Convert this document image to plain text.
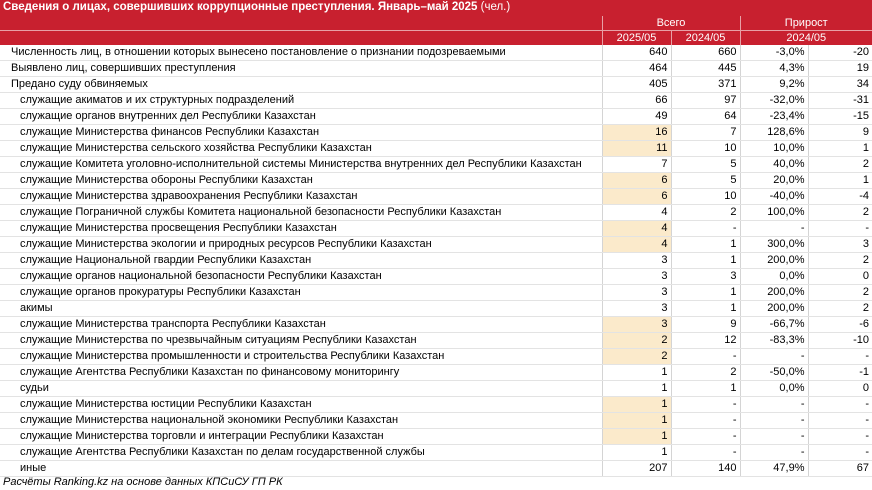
Сведения о лицах, совершивших коррупционные преступления. Январь–май 2025 (чел.)
	Всего		Прирост	
	2025/05	2024/05	2024/05	
Численность лиц, в отношении которых вынесено постановление о признании подозреваемыми	640	660	-3,0%	-20
Выявлено лиц, совершивших преступления	464	445	4,3%	19
Предано суду обвиняемых	405	371	9,2%	34
служащие акиматов и их структурных подразделений	66	97	-32,0%	-31
служащие органов внутренних дел Республики Казахстан	49	64	-23,4%	-15
служащие Министерства финансов Республики Казахстан	16	7	128,6%	9
служащие Министерства сельского хозяйства Республики Казахстан	11	10	10,0%	1
служащие Комитета уголовно-исполнительной системы Министерства внутренних дел Республики Казахстан	7	5	40,0%	2
служащие Министерства обороны Республики Казахстан	6	5	20,0%	1
служащие Министерства здравоохранения Республики Казахстан	6	10	-40,0%	-4
служащие Пограничной службы Комитета национальной безопасности Республики Казахстан	4	2	100,0%	2
служащие Министерства просвещения Республики Казахстан	4	-	-	-
служащие Министерства экологии и природных ресурсов Республики Казахстан	4	1	300,0%	3
служащие Национальной гвардии Республики Казахстан	3	1	200,0%	2
служащие органов национальной безопасности Республики Казахстан	3	3	0,0%	0
служащие органов прокуратуры Республики Казахстан	3	1	200,0%	2
акимы	3	1	200,0%	2
служащие Министерства транспорта Республики Казахстан	3	9	-66,7%	-6
служащие Министерства по чрезвычайным ситуациям Республики Казахстан	2	12	-83,3%	-10
служащие Министерства промышленности и строительства Республики Казахстан	2	-	-	-
служащие Агентства Республики Казахстан по финансовому мониторингу	1	2	-50,0%	-1
судьи	1	1	0,0%	0
служащие Министерства юстиции Республики Казахстан	1	-	-	-
служащие Министерства национальной экономики Республики Казахстан	1	-	-	-
служащие Министерства торговли и интеграции Республики Казахстан	1	-	-	-
служащие Агентства Республики Казахстан по делам государственной службы	1	-	-	-
иные	207	140	47,9%	67
Расчёты Ranking.kz на основе данных КПСиСУ ГП РК
